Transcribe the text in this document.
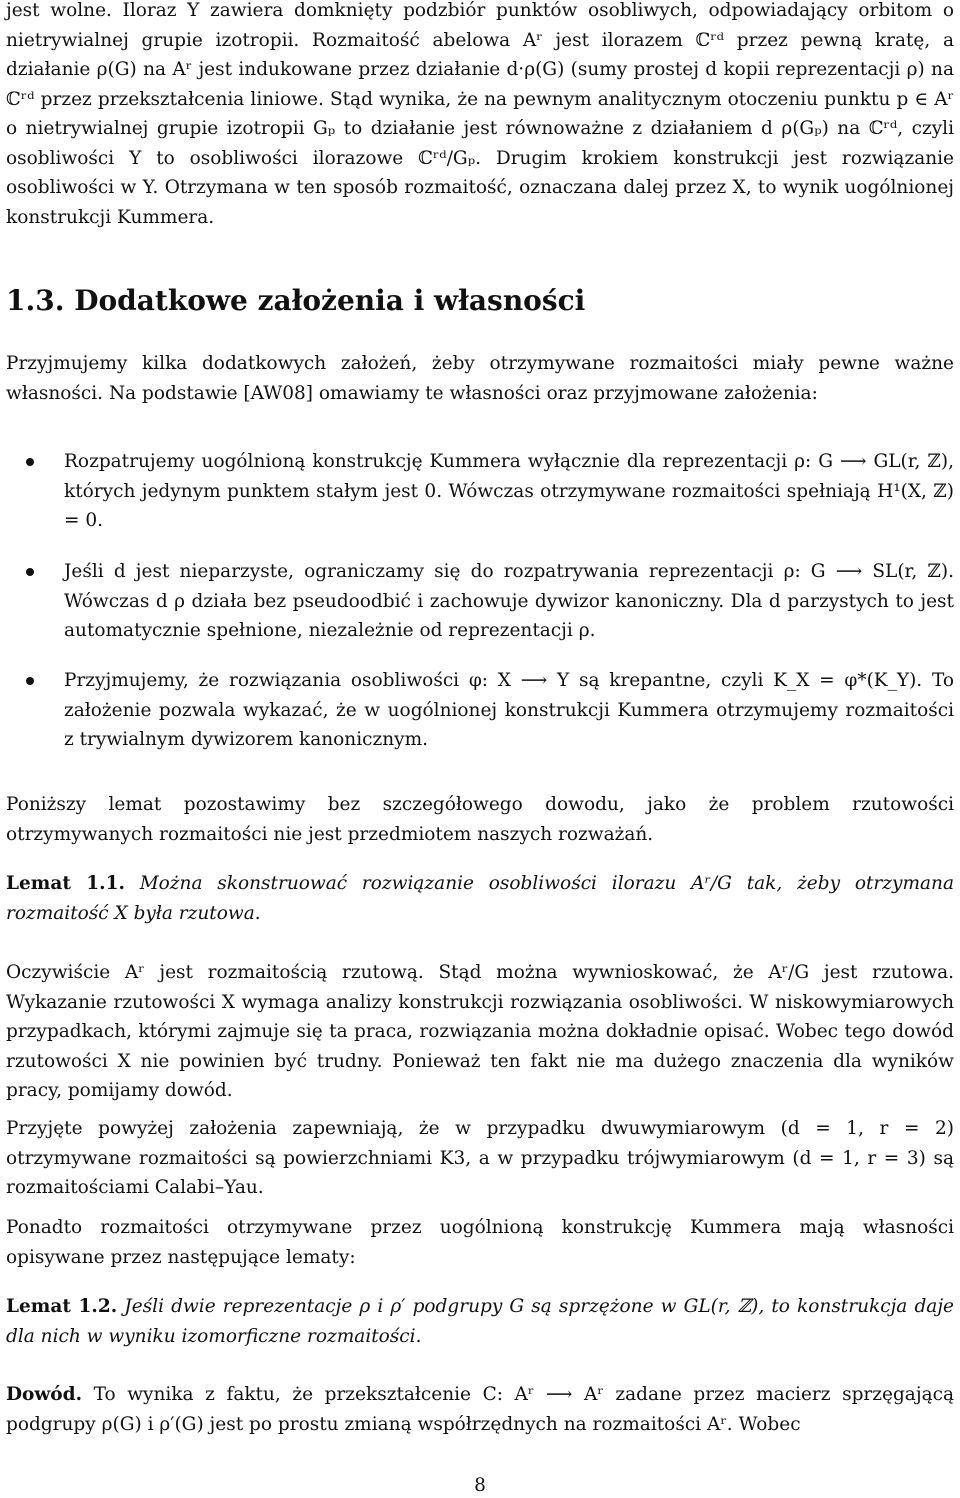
jest wolne. Iloraz Y zawiera domknięty podzbiór punktów osobliwych, odpowiadający orbitom o nietrywialnej grupie izotropii. Rozmaitość abelowa Aʳ jest ilorazem ℂʳᵈ przez pewną kratę, a działanie ρ(G) na Aʳ jest indukowane przez działanie d·ρ(G) (sumy prostej d kopii reprezentacji ρ) na ℂʳᵈ przez przekształcenia liniowe. Stąd wynika, że na pewnym analitycznym otoczeniu punktu p ∈ Aʳ o nietrywialnej grupie izotropii Gₚ to działanie jest równoważne z działaniem d ρ(Gₚ) na ℂʳᵈ, czyli osobliwości Y to osobliwości ilorazowe ℂʳᵈ/Gₚ. Drugim krokiem konstrukcji jest rozwiązanie osobliwości w Y. Otrzymana w ten sposób rozmaitość, oznaczana dalej przez X, to wynik uogólnionej konstrukcji Kummera.

1.3. Dodatkowe założenia i własności

Przyjmujemy kilka dodatkowych założeń, żeby otrzymywane rozmaitości miały pewne ważne własności. Na podstawie [AW08] omawiamy te własności oraz przyjmowane założenia:

Rozpatrujemy uogólnioną konstrukcję Kummera wyłącznie dla reprezentacji ρ: G ⟶ GL(r, ℤ), których jedynym punktem stałym jest 0. Wówczas otrzymywane rozmaitości spełniają H¹(X, ℤ) = 0.
Jeśli d jest nieparzyste, ograniczamy się do rozpatrywania reprezentacji ρ: G ⟶ SL(r, ℤ). Wówczas d ρ działa bez pseudoodbić i zachowuje dywizor kanoniczny. Dla d parzystych to jest automatycznie spełnione, niezależnie od reprezentacji ρ.
Przyjmujemy, że rozwiązania osobliwości φ: X ⟶ Y są krepantne, czyli K_X = φ*(K_Y). To założenie pozwala wykazać, że w uogólnionej konstrukcji Kummera otrzymujemy rozmaitości z trywialnym dywizorem kanonicznym.

Poniższy lemat pozostawimy bez szczegółowego dowodu, jako że problem rzutowości otrzymywanych rozmaitości nie jest przedmiotem naszych rozważań.

Lemat 1.1. Można skonstruować rozwiązanie osobliwości ilorazu Aʳ/G tak, żeby otrzymana rozmaitość X była rzutowa.

Oczywiście Aʳ jest rozmaitością rzutową. Stąd można wywnioskować, że Aʳ/G jest rzutowa. Wykazanie rzutowości X wymaga analizy konstrukcji rozwiązania osobliwości. W niskowymiarowych przypadkach, którymi zajmuje się ta praca, rozwiązania można dokładnie opisać. Wobec tego dowód rzutowości X nie powinien być trudny. Ponieważ ten fakt nie ma dużego znaczenia dla wyników pracy, pomijamy dowód.

Przyjęte powyżej założenia zapewniają, że w przypadku dwuwymiarowym (d = 1, r = 2) otrzymywane rozmaitości są powierzchniami K3, a w przypadku trójwymiarowym (d = 1, r = 3) są rozmaitościami Calabi–Yau.

Ponadto rozmaitości otrzymywane przez uogólnioną konstrukcję Kummera mają własności opisywane przez następujące lematy:

Lemat 1.2. Jeśli dwie reprezentacje ρ i ρ′ podgrupy G są sprzężone w GL(r, ℤ), to konstrukcja daje dla nich w wyniku izomorficzne rozmaitości.

Dowód. To wynika z faktu, że przekształcenie C: Aʳ ⟶ Aʳ zadane przez macierz sprzęgającą podgrupy ρ(G) i ρ′(G) jest po prostu zmianą współrzędnych na rozmaitości Aʳ. Wobec

8
